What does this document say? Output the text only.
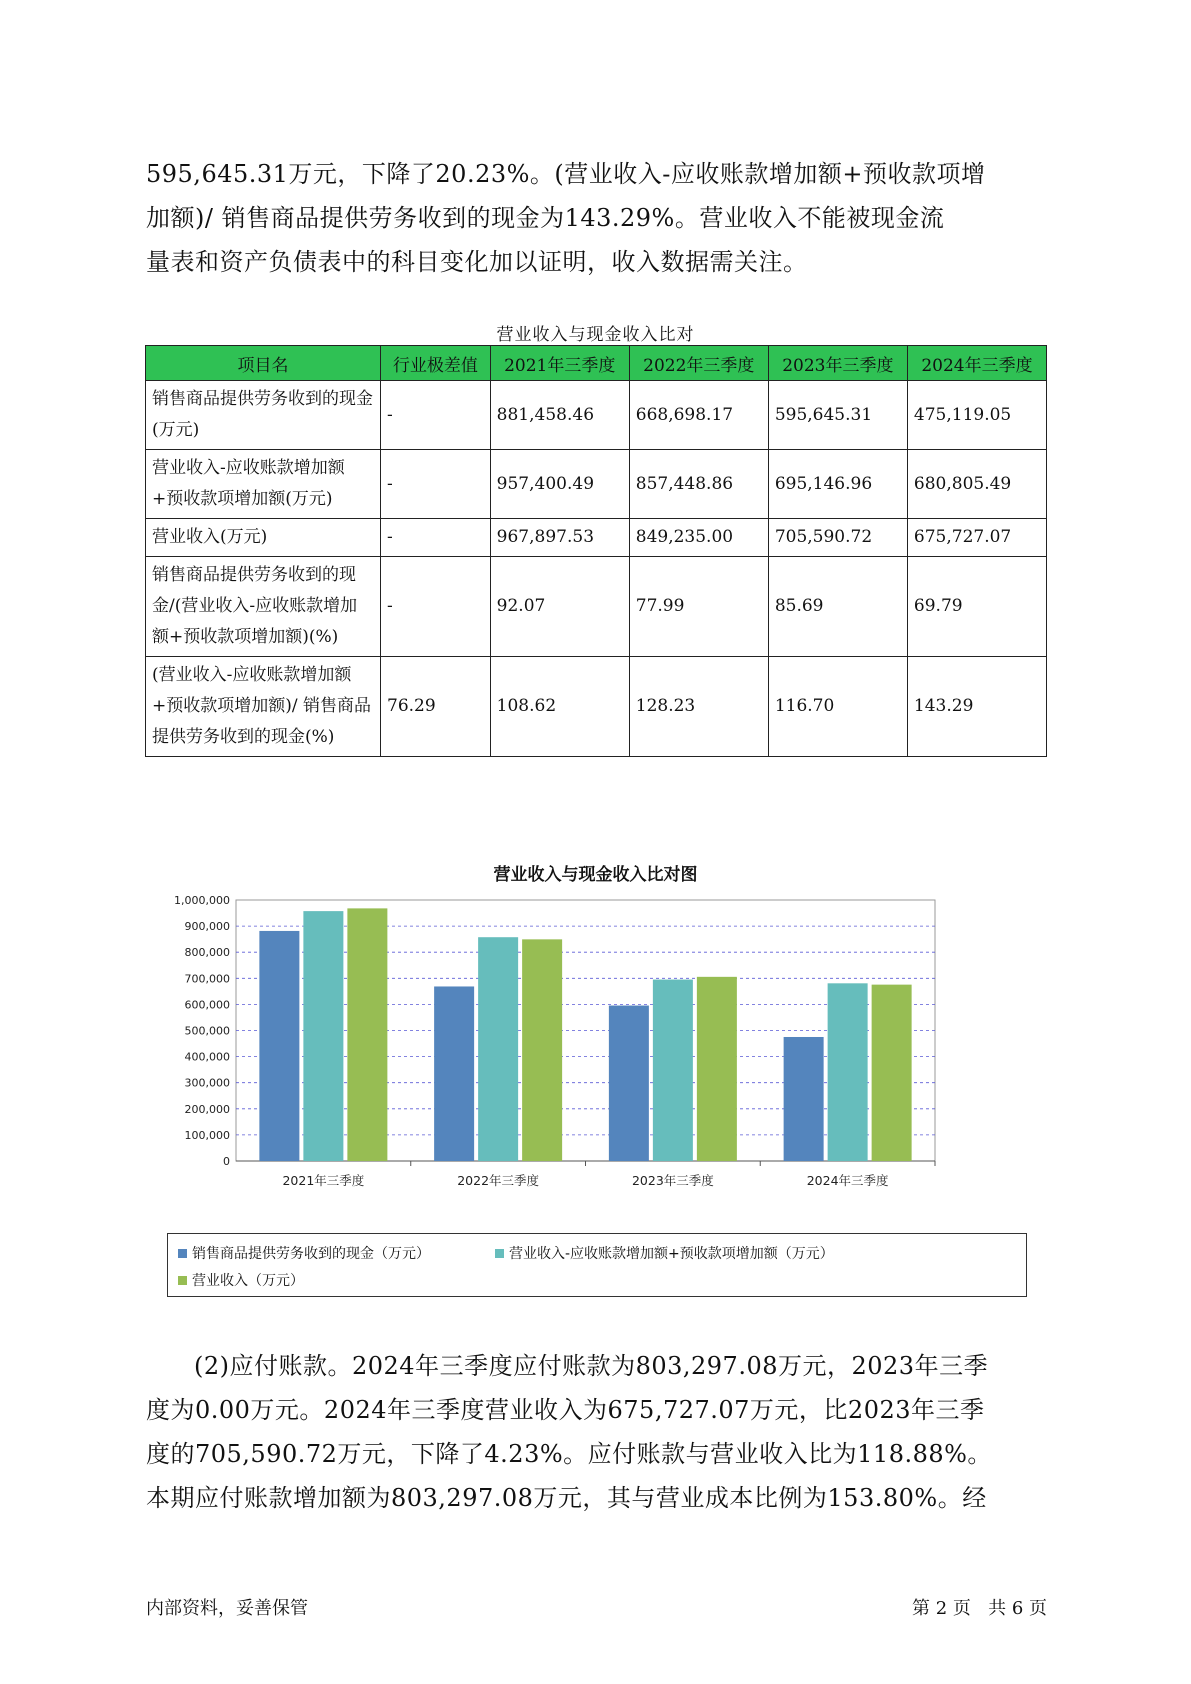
595,645.31万元，下降了20.23%。(营业收入-应收账款增加额+预收款项增

加额)/ 销售商品提供劳务收到的现金为143.29%。营业收入不能被现金流

量表和资产负债表中的科目变化加以证明，收入数据需关注。

营业收入与现金收入比对
项目名	行业极差值	2021年三季度	2022年三季度	2023年三季度	2024年三季度
销售商品提供劳务收到的现金(万元)	-	881,458.46	668,698.17	595,645.31	475,119.05
营业收入-应收账款增加额+预收款项增加额(万元)	-	957,400.49	857,448.86	695,146.96	680,805.49
营业收入(万元)	-	967,897.53	849,235.00	705,590.72	675,727.07
销售商品提供劳务收到的现金/(营业收入-应收账款增加额+预收款项增加额)(%)	-	92.07	77.99	85.69	69.79
(营业收入-应收账款增加额+预收款项增加额)/ 销售商品提供劳务收到的现金(%)	76.29	108.62	128.23	116.70	143.29
营业收入与现金收入比对图
0
100,000
200,000
300,000
400,000
500,000
600,000
700,000
800,000
900,000
1,000,000
2021年三季度	2022年三季度	2023年三季度	2024年三季度
销售商品提供劳务收到的现金（万元）	营业收入-应收账款增加额+预收款项增加额（万元）
营业收入（万元）

(2)应付账款。2024年三季度应付账款为803,297.08万元，2023年三季

度为0.00万元。2024年三季度营业收入为675,727.07万元，比2023年三季

度的705,590.72万元，下降了4.23%。应付账款与营业收入比为118.88%。

本期应付账款增加额为803,297.08万元，其与营业成本比例为153.80%。经

内部资料，妥善保管	第 2 页   共 6 页
